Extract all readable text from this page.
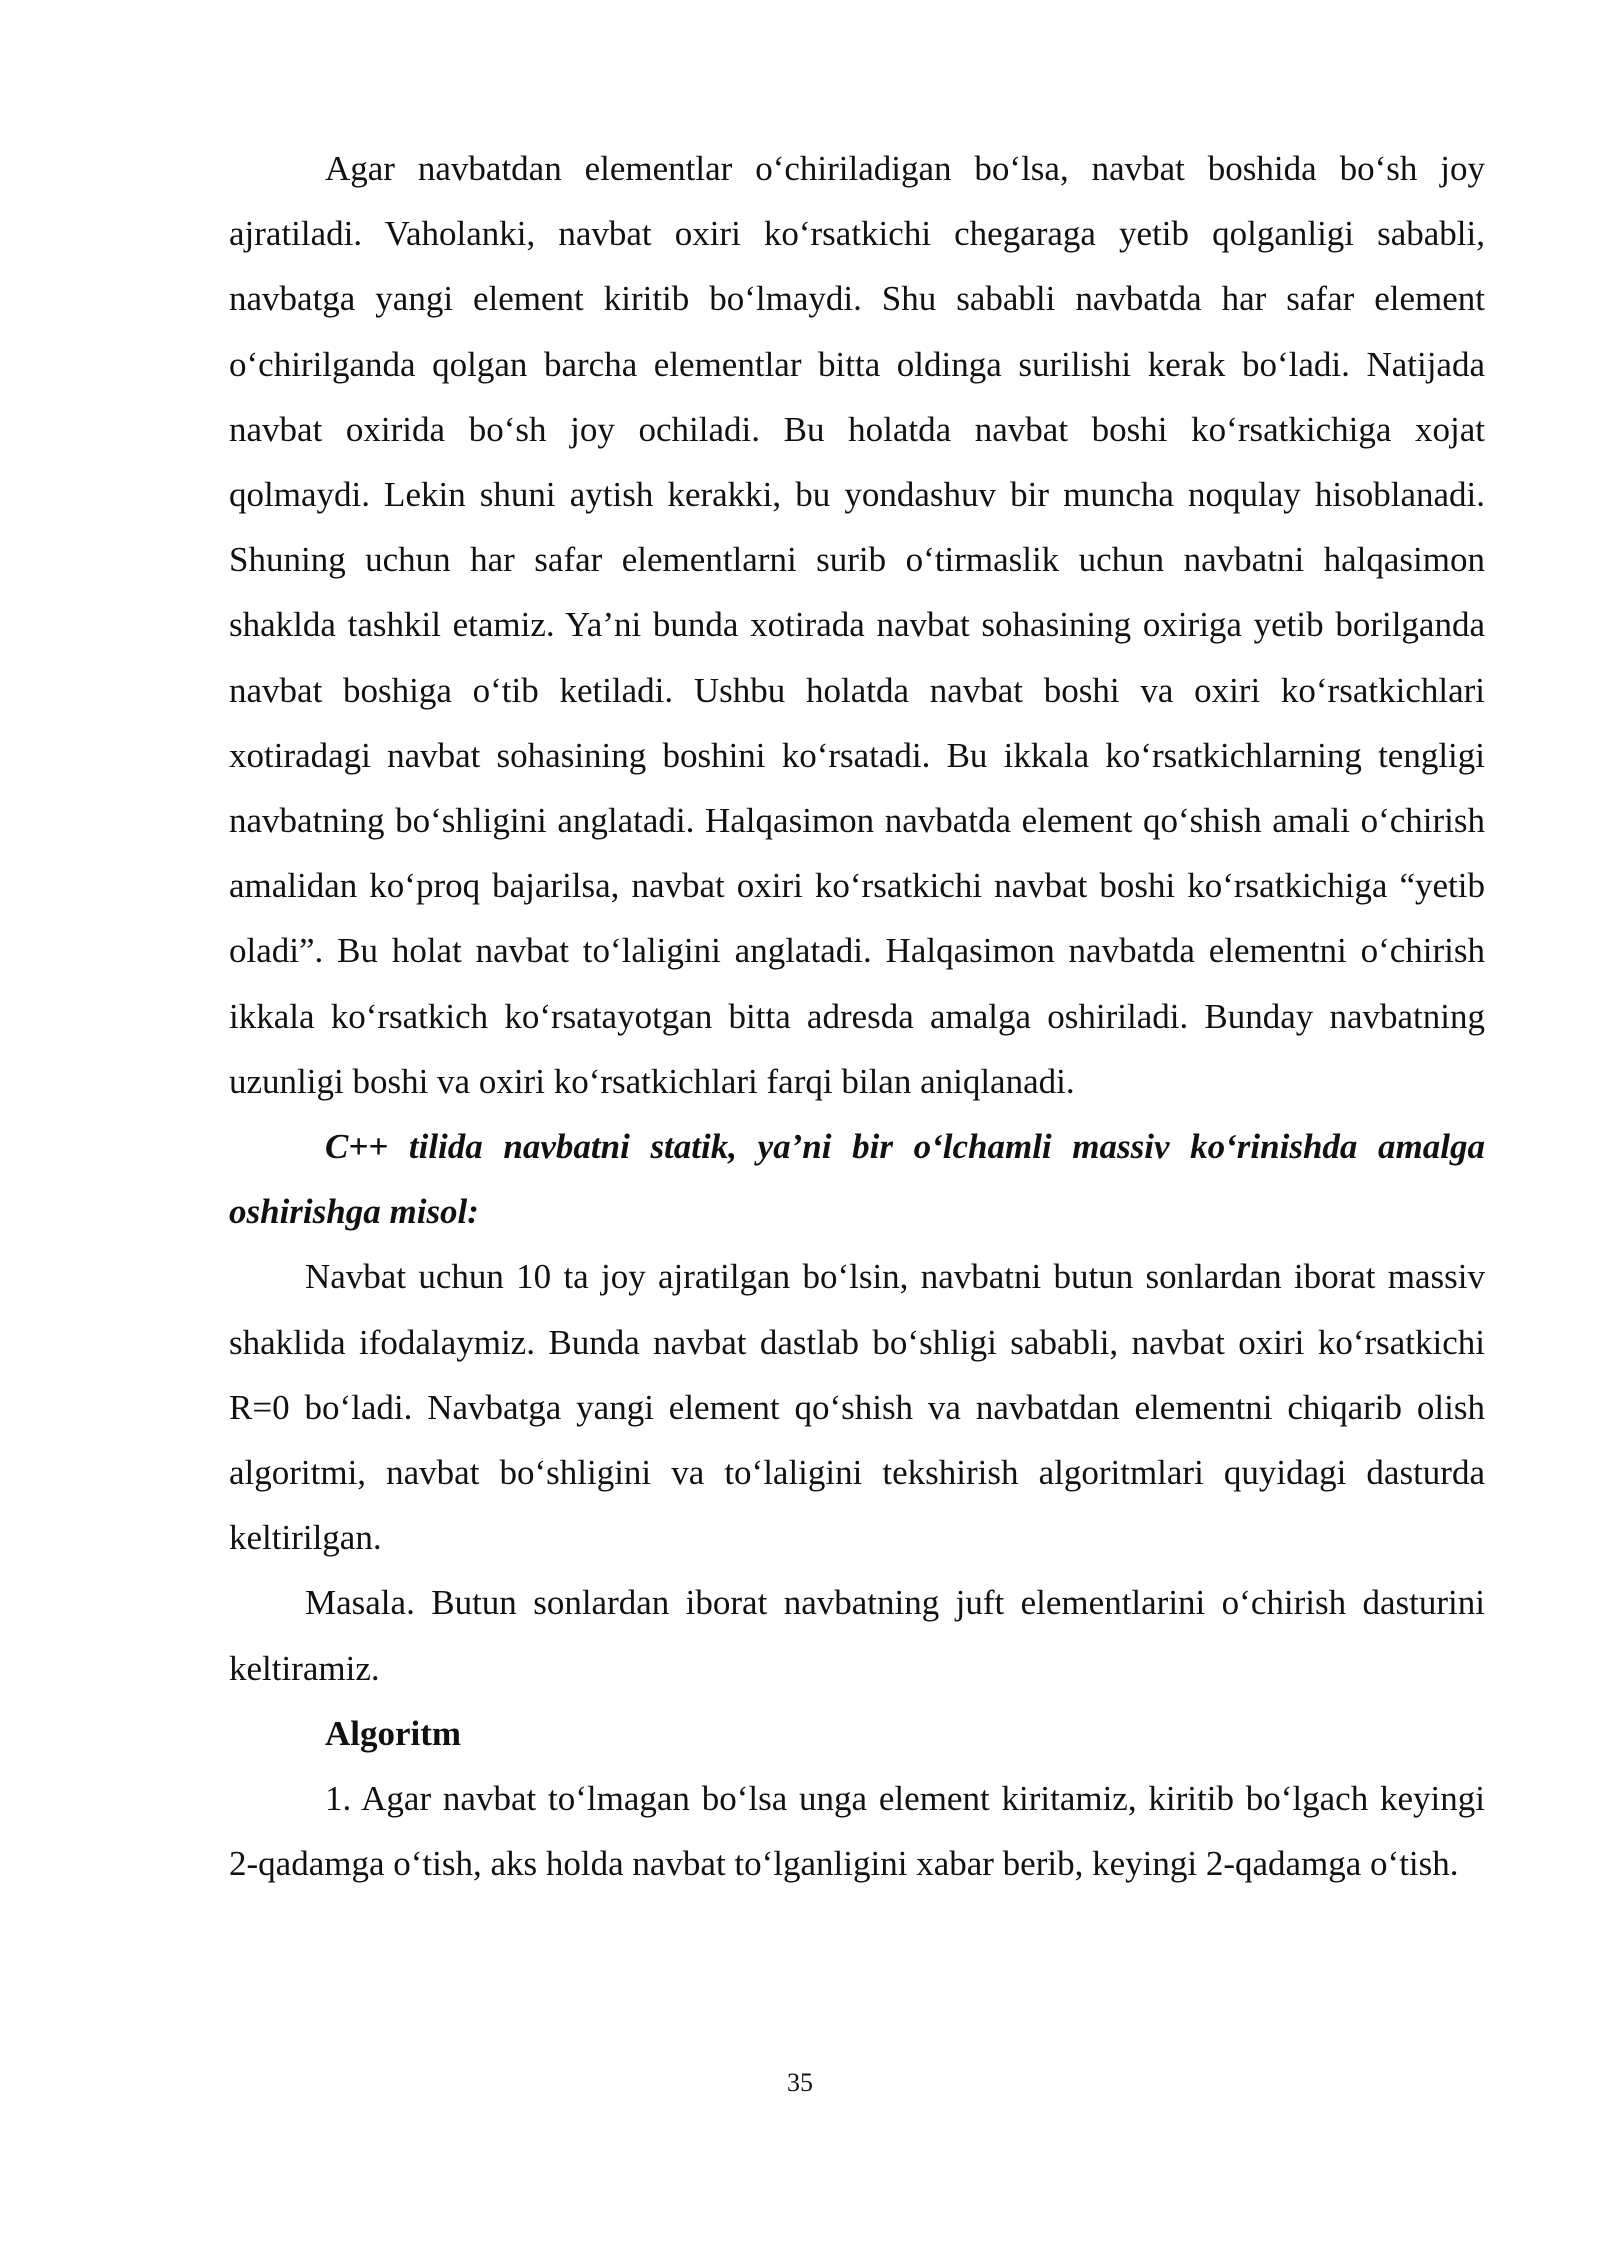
Agar navbatdan elementlar o‘chiriladigan bo‘lsa, navbat boshida bo‘sh joy ajratiladi. Vaholanki, navbat oxiri ko‘rsatkichi chegaraga yetib qolganligi sababli, navbatga yangi element kiritib bo‘lmaydi. Shu sababli navbatda har safar element o‘chirilganda qolgan barcha elementlar bitta oldinga surilishi kerak bo‘ladi. Natijada navbat oxirida bo‘sh joy ochiladi. Bu holatda navbat boshi ko‘rsatkichiga xojat qolmaydi. Lekin shuni aytish kerakki, bu yondashuv bir muncha noqulay hisoblanadi. Shuning uchun har safar elementlarni surib o‘tirmaslik uchun navbatni halqasimon shaklda tashkil etamiz. Ya’ni bunda xotirada navbat sohasining oxiriga yetib borilganda navbat boshiga o‘tib ketiladi. Ushbu holatda navbat boshi va oxiri ko‘rsatkichlari xotiradagi navbat sohasining boshini ko‘rsatadi. Bu ikkala ko‘rsatkichlarning tengligi navbatning bo‘shligini anglatadi. Halqasimon navbatda element qo‘shish amali o‘chirish amalidan ko‘proq bajarilsa, navbat oxiri ko‘rsatkichi navbat boshi ko‘rsatkichiga “yetib oladi”. Bu holat navbat to‘laligini anglatadi. Halqasimon navbatda elementni o‘chirish ikkala ko‘rsatkich ko‘rsatayotgan bitta adresda amalga oshiriladi. Bunday navbatning uzunligi boshi va oxiri ko‘rsatkichlari farqi bilan aniqlanadi.

C++ tilida navbatni statik, ya’ni bir o‘lchamli massiv ko‘rinishda amalga oshirishga misol:

Navbat uchun 10 ta joy ajratilgan bo‘lsin, navbatni butun sonlardan iborat massiv shaklida ifodalaymiz. Bunda navbat dastlab bo‘shligi sababli, navbat oxiri ko‘rsatkichi R=0 bo‘ladi. Navbatga yangi element qo‘shish va navbatdan elementni chiqarib olish algoritmi, navbat bo‘shligini va to‘laligini tekshirish algoritmlari quyidagi dasturda keltirilgan.

Masala. Butun sonlardan iborat navbatning juft elementlarini o‘chirish dasturini keltiramiz.

Algoritm

1. Agar navbat to‘lmagan bo‘lsa unga element kiritamiz, kiritib bo‘lgach keyingi 2-qadamga o‘tish, aks holda navbat to‘lganligini xabar berib, keyingi 2-qadamga o‘tish.

35
